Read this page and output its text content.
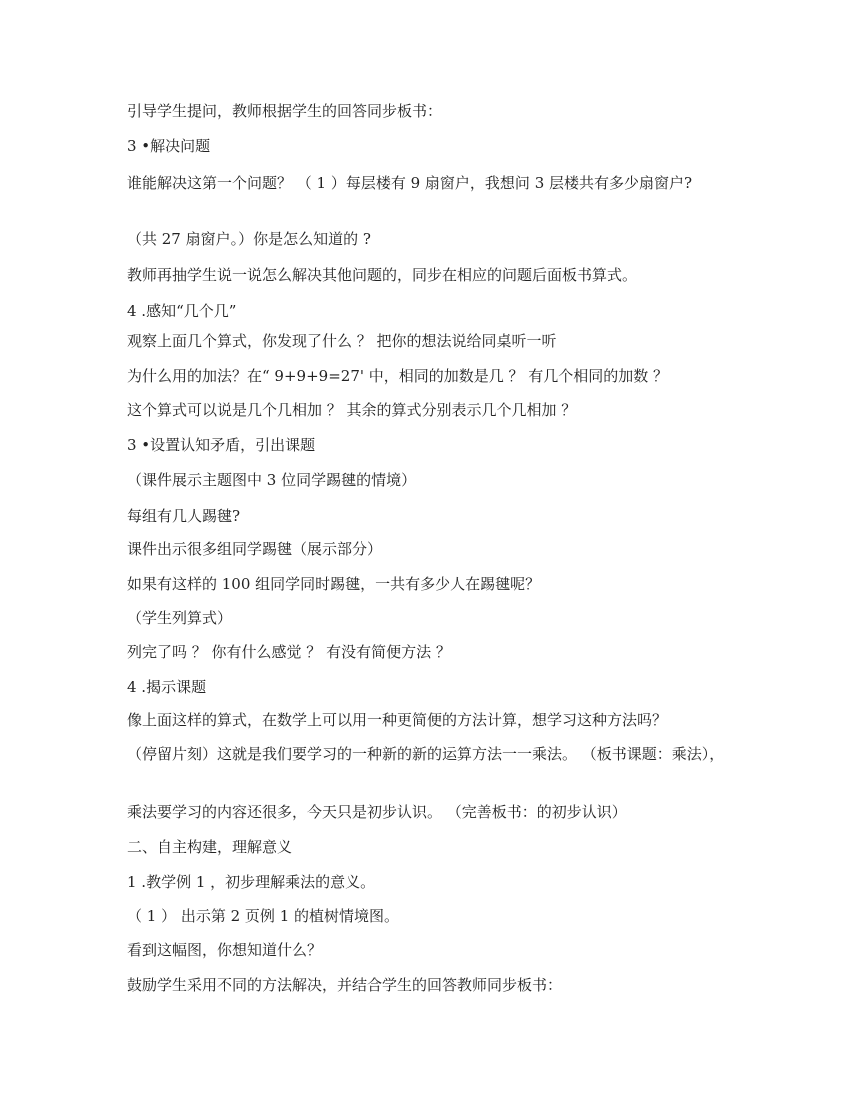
引导学生提问，教师根据学生的回答同步板书：

3 •解决问题

谁能解决这第一个问题？ （ 1 ）每层楼有 9 扇窗户，我想问 3 层楼共有多少扇窗户?

（共 27 扇窗户。）你是怎么知道的 ?

教师再抽学生说一说怎么解决其他问题的，同步在相应的问题后面板书算式。

4 .感知“几个几”

观察上面几个算式，你发现了什么 ？ 把你的想法说给同桌听一听

为什么用的加法？在“ 9+9+9=27' 中，相同的加数是几 ？ 有几个相同的加数 ？

这个算式可以说是几个几相加 ？ 其余的算式分别表示几个几相加 ？

3 •设置认知矛盾，引出课题

（课件展示主题图中 3 位同学踢毽的情境）

每组有几人踢毽?

课件出示很多组同学踢毽（展示部分）

如果有这样的 100 组同学同时踢毽，一共有多少人在踢毽呢？

（学生列算式）

列完了吗 ？ 你有什么感觉 ？ 有没有简便方法 ？

4 .揭示课题

像上面这样的算式，在数学上可以用一种更简便的方法计算，想学习这种方法吗？

（停留片刻）这就是我们要学习的一种新的新的运算方法一一乘法。 （板书课题：乘法），

乘法要学习的内容还很多，今天只是初步认识。 （完善板书：的初步认识）

二、自主构建，理解意义

1 .教学例 1 ，初步理解乘法的意义。

（ 1 ） 出示第 2 页例 1 的植树情境图。

看到这幅图，你想知道什么？

鼓励学生采用不同的方法解决，并结合学生的回答教师同步板书：
